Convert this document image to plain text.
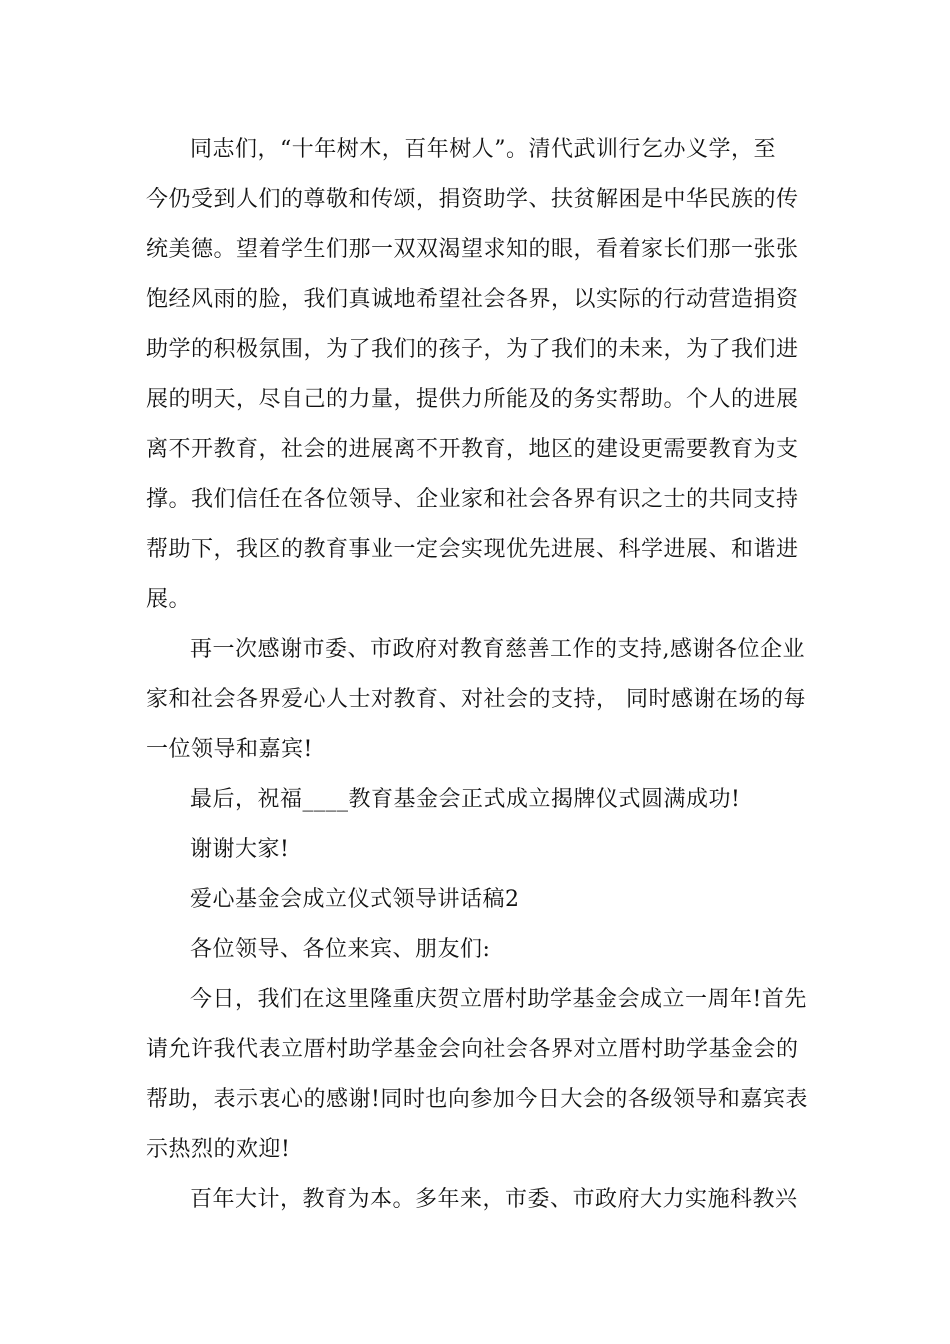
同志们，“十年树木，百年树人”。清代武训行乞办义学，至
今仍受到人们的尊敬和传颂，捐资助学、扶贫解困是中华民族的传
统美德。望着学生们那一双双渴望求知的眼，看着家长们那一张张
饱经风雨的脸，我们真诚地希望社会各界，以实际的行动营造捐资
助学的积极氛围，为了我们的孩子，为了我们的未来，为了我们进
展的明天，尽自己的力量，提供力所能及的务实帮助。个人的进展
离不开教育，社会的进展离不开教育，地区的建设更需要教育为支
撑。我们信任在各位领导、企业家和社会各界有识之士的共同支持
帮助下，我区的教育事业一定会实现优先进展、科学进展、和谐进
展。
再一次感谢市委、市政府对教育慈善工作的支持,感谢各位企业
家和社会各界爱心人士对教育、对社会的支持， 同时感谢在场的每
一位领导和嘉宾!
最后，祝福____教育基金会正式成立揭牌仪式圆满成功!
谢谢大家!
爱心基金会成立仪式领导讲话稿2
各位领导、各位来宾、朋友们:
今日，我们在这里隆重庆贺立厝村助学基金会成立一周年!首先
请允许我代表立厝村助学基金会向社会各界对立厝村助学基金会的
帮助，表示衷心的感谢!同时也向参加今日大会的各级领导和嘉宾表
示热烈的欢迎!
百年大计，教育为本。多年来，市委、市政府大力实施科教兴
